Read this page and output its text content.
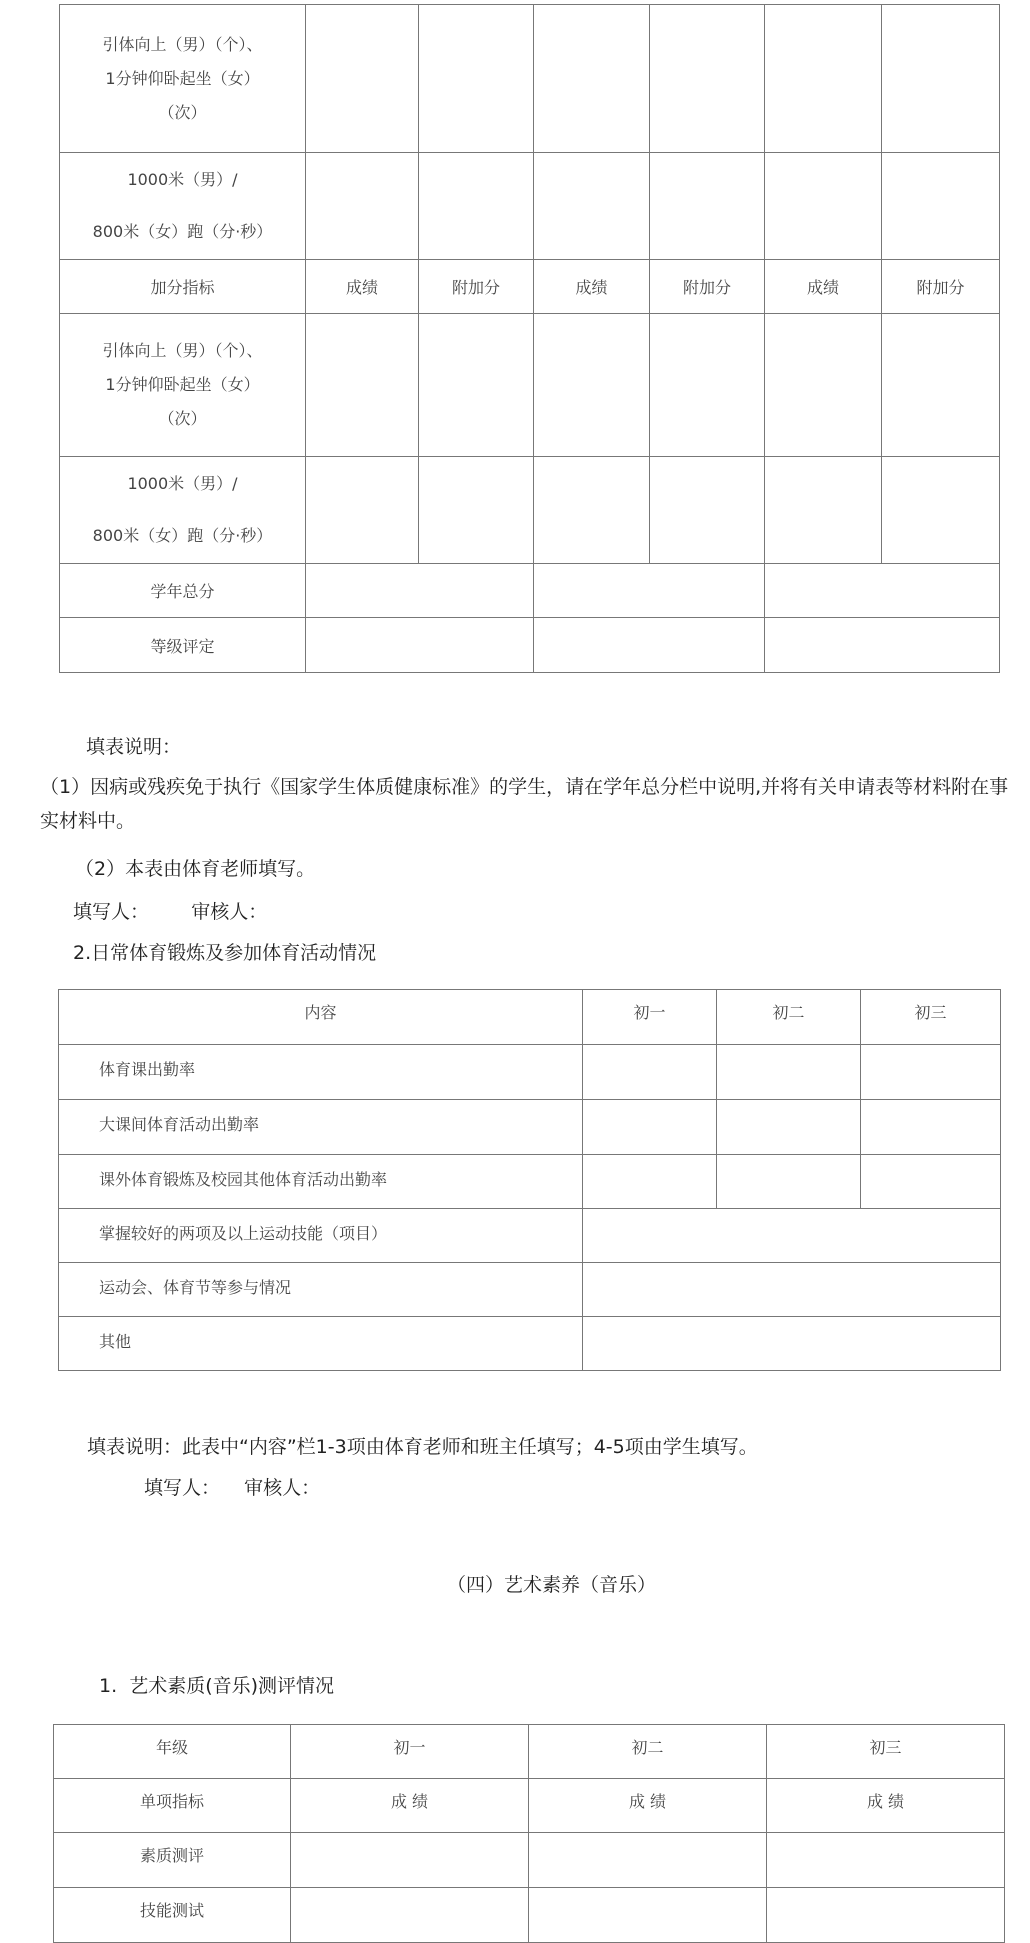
引体向上（男）（个）、
1分钟仰卧起坐（女）
（次）						

1000米（男）/
800米（女）跑（分·秒）						

加分指标	成绩	附加分	成绩	附加分	成绩	附加分

引体向上（男）（个）、
1分钟仰卧起坐（女）
（次）						

1000米（男）/
800米（女）跑（分·秒）						

学年总分						
等级评定						
填表说明：
（1）因病或残疾免于执行《国家学生体质健康标准》的学生，请在学年总分栏中说明,并将有关申请表等材料附在事实材料中。
（2）本表由体育老师填写。
填写人：       审核人：
2.日常体育锻炼及参加体育活动情况
内容	初一	初二	初三
体育课出勤率			
大课间体育活动出勤率			
课外体育锻炼及校园其他体育活动出勤率			
掌握较好的两项及以上运动技能（项目）			
运动会、体育节等参与情况			
其他			
填表说明：此表中“内容”栏1-3项由体育老师和班主任填写；4-5项由学生填写。
填写人：    审核人：
（四）艺术素养（音乐）
1.  艺术素质(音乐)测评情况
年级	初一	初二	初三
单项指标	成 绩	成 绩	成 绩
素质测评			
技能测试			
